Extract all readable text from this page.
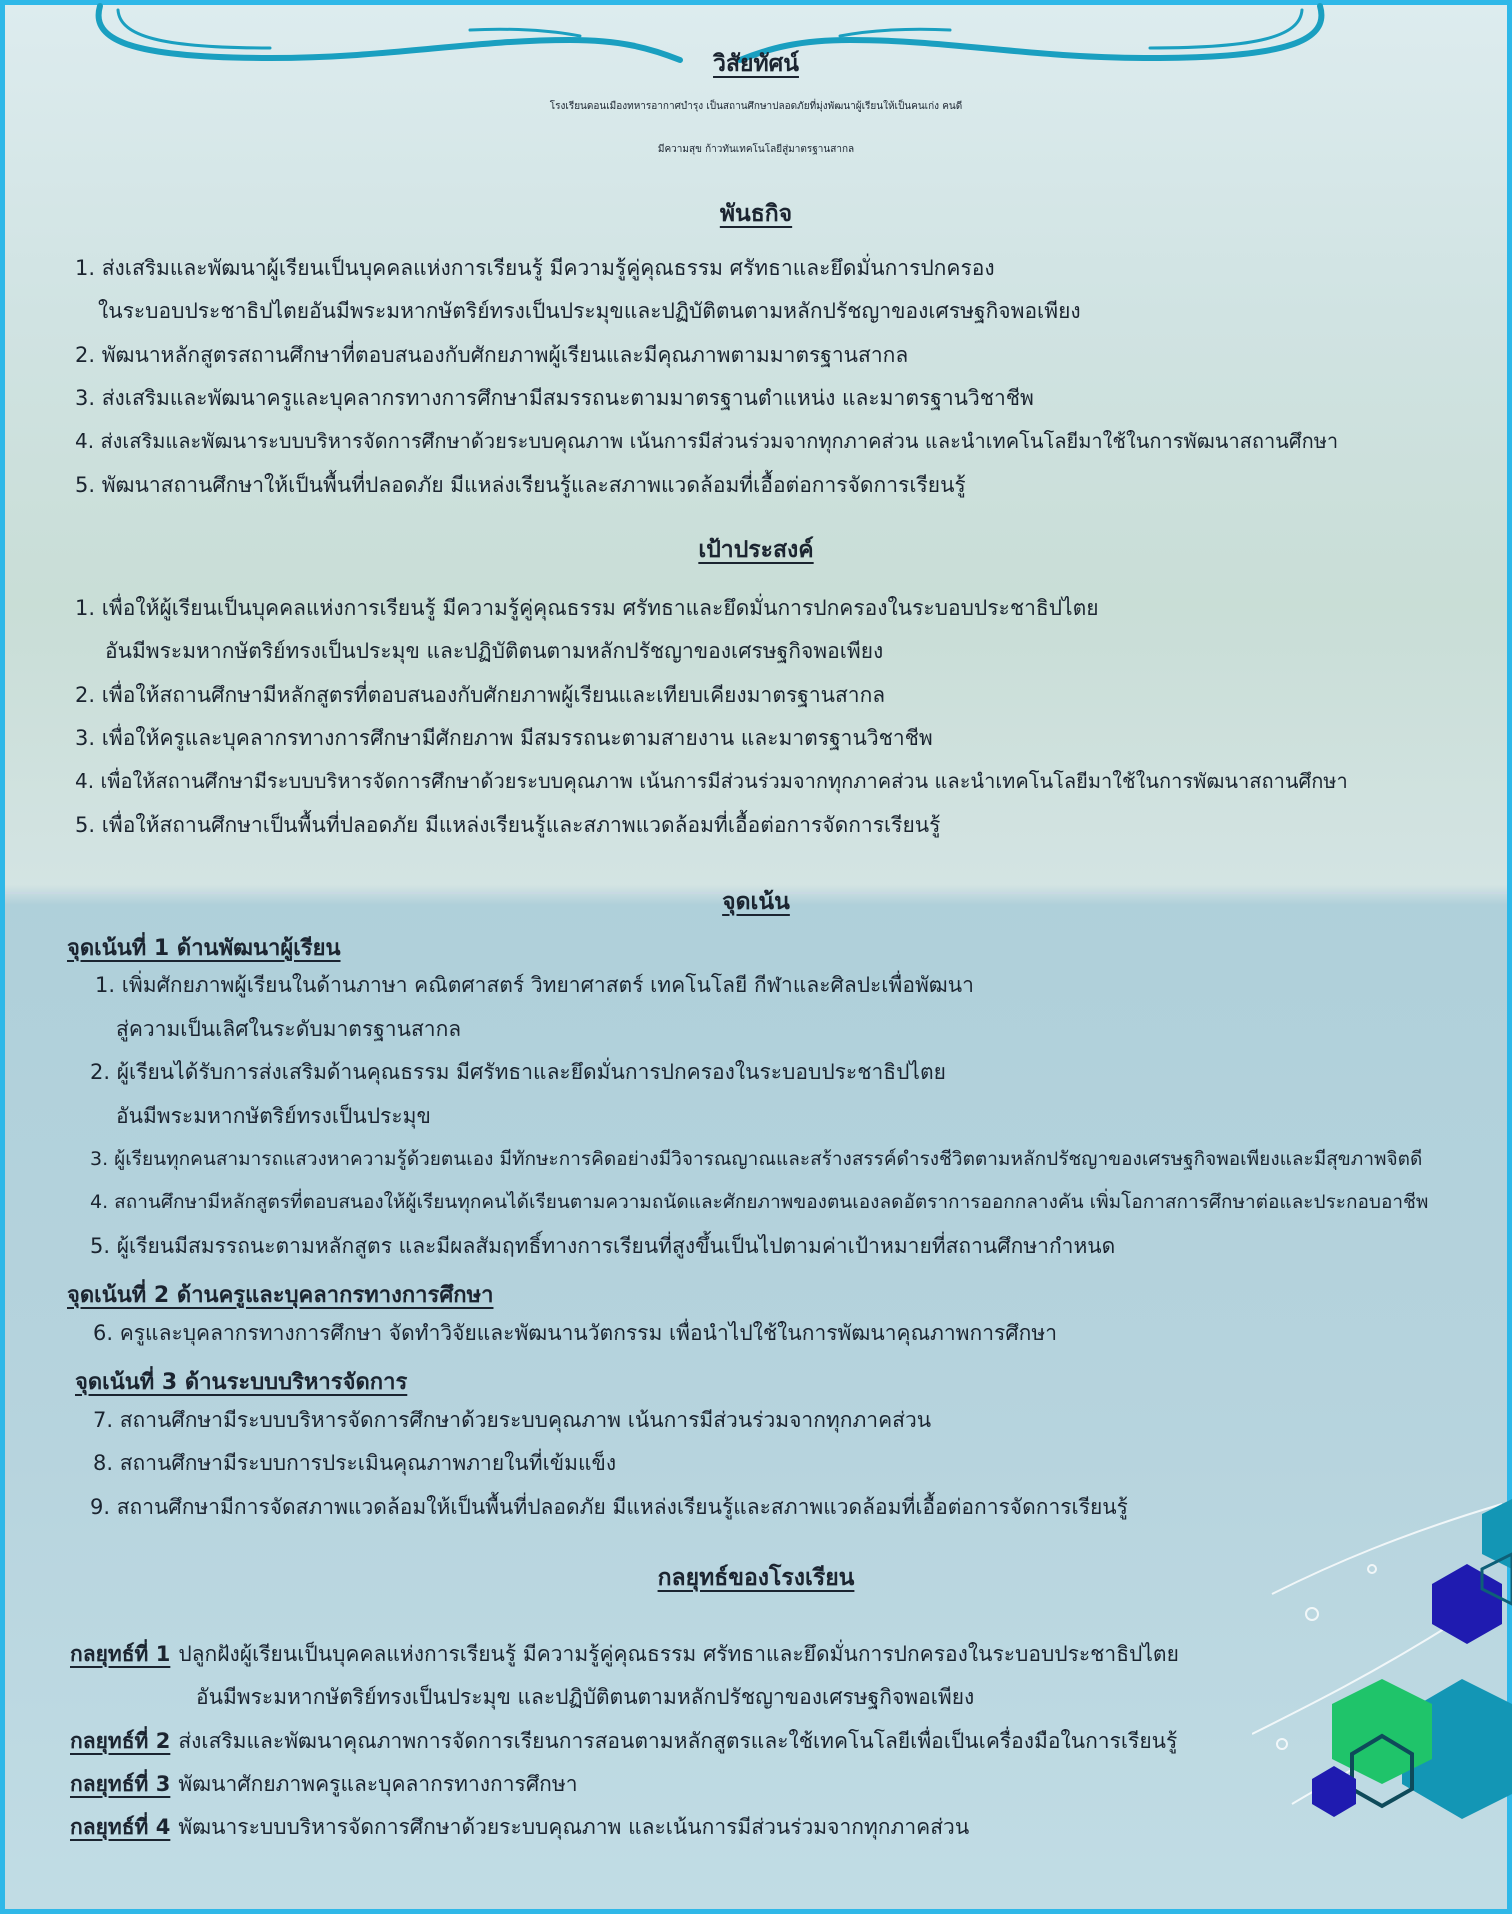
วิสัยทัศน์
โรงเรียนดอนเมืองทหารอากาศบำรุง เป็นสถานศึกษาปลอดภัยที่มุ่งพัฒนาผู้เรียนให้เป็นคนเก่ง คนดี
มีความสุข ก้าวทันเทคโนโลยีสู่มาตรฐานสากล
พันธกิจ
1. ส่งเสริมและพัฒนาผู้เรียนเป็นบุคคลแห่งการเรียนรู้ มีความรู้คู่คุณธรรม ศรัทธาและยึดมั่นการปกครอง
ในระบอบประชาธิปไตยอันมีพระมหากษัตริย์ทรงเป็นประมุขและปฏิบัติตนตามหลักปรัชญาของเศรษฐกิจพอเพียง
2. พัฒนาหลักสูตรสถานศึกษาที่ตอบสนองกับศักยภาพผู้เรียนและมีคุณภาพตามมาตรฐานสากล
3. ส่งเสริมและพัฒนาครูและบุคลากรทางการศึกษามีสมรรถนะตามมาตรฐานตำแหน่ง และมาตรฐานวิชาชีพ
4. ส่งเสริมและพัฒนาระบบบริหารจัดการศึกษาด้วยระบบคุณภาพ เน้นการมีส่วนร่วมจากทุกภาคส่วน และนำเทคโนโลยีมาใช้ในการพัฒนาสถานศึกษา
5. พัฒนาสถานศึกษาให้เป็นพื้นที่ปลอดภัย มีแหล่งเรียนรู้และสภาพแวดล้อมที่เอื้อต่อการจัดการเรียนรู้
เป้าประสงค์
1. เพื่อให้ผู้เรียนเป็นบุคคลแห่งการเรียนรู้ มีความรู้คู่คุณธรรม ศรัทธาและยึดมั่นการปกครองในระบอบประชาธิปไตย
อันมีพระมหากษัตริย์ทรงเป็นประมุข และปฏิบัติตนตามหลักปรัชญาของเศรษฐกิจพอเพียง
2. เพื่อให้สถานศึกษามีหลักสูตรที่ตอบสนองกับศักยภาพผู้เรียนและเทียบเคียงมาตรฐานสากล
3. เพื่อให้ครูและบุคลากรทางการศึกษามีศักยภาพ มีสมรรถนะตามสายงาน และมาตรฐานวิชาชีพ
4. เพื่อให้สถานศึกษามีระบบบริหารจัดการศึกษาด้วยระบบคุณภาพ เน้นการมีส่วนร่วมจากทุกภาคส่วน และนำเทคโนโลยีมาใช้ในการพัฒนาสถานศึกษา
5. เพื่อให้สถานศึกษาเป็นพื้นที่ปลอดภัย มีแหล่งเรียนรู้และสภาพแวดล้อมที่เอื้อต่อการจัดการเรียนรู้
จุดเน้น
จุดเน้นที่ 1 ด้านพัฒนาผู้เรียน
1. เพิ่มศักยภาพผู้เรียนในด้านภาษา คณิตศาสตร์ วิทยาศาสตร์ เทคโนโลยี กีฬาและศิลปะเพื่อพัฒนา
สู่ความเป็นเลิศในระดับมาตรฐานสากล
2. ผู้เรียนได้รับการส่งเสริมด้านคุณธรรม มีศรัทธาและยึดมั่นการปกครองในระบอบประชาธิปไตย
อันมีพระมหากษัตริย์ทรงเป็นประมุข
3. ผู้เรียนทุกคนสามารถแสวงหาความรู้ด้วยตนเอง มีทักษะการคิดอย่างมีวิจารณญาณและสร้างสรรค์ดำรงชีวิตตามหลักปรัชญาของเศรษฐกิจพอเพียงและมีสุขภาพจิตดี
4. สถานศึกษามีหลักสูตรที่ตอบสนองให้ผู้เรียนทุกคนได้เรียนตามความถนัดและศักยภาพของตนเองลดอัตราการออกกลางคัน เพิ่มโอกาสการศึกษาต่อและประกอบอาชีพ
5. ผู้เรียนมีสมรรถนะตามหลักสูตร และมีผลสัมฤทธิ์ทางการเรียนที่สูงขึ้นเป็นไปตามค่าเป้าหมายที่สถานศึกษากำหนด
จุดเน้นที่ 2 ด้านครูและบุคลากรทางการศึกษา
6. ครูและบุคลากรทางการศึกษา จัดทำวิจัยและพัฒนานวัตกรรม เพื่อนำไปใช้ในการพัฒนาคุณภาพการศึกษา
จุดเน้นที่ 3 ด้านระบบบริหารจัดการ
7. สถานศึกษามีระบบบริหารจัดการศึกษาด้วยระบบคุณภาพ เน้นการมีส่วนร่วมจากทุกภาคส่วน
8. สถานศึกษามีระบบการประเมินคุณภาพภายในที่เข้มแข็ง
9. สถานศึกษามีการจัดสภาพแวดล้อมให้เป็นพื้นที่ปลอดภัย มีแหล่งเรียนรู้และสภาพแวดล้อมที่เอื้อต่อการจัดการเรียนรู้
กลยุทธ์ของโรงเรียน
กลยุทธ์ที่ 1 ปลูกฝังผู้เรียนเป็นบุคคลแห่งการเรียนรู้ มีความรู้คู่คุณธรรม ศรัทธาและยึดมั่นการปกครองในระบอบประชาธิปไตย
อันมีพระมหากษัตริย์ทรงเป็นประมุข และปฏิบัติตนตามหลักปรัชญาของเศรษฐกิจพอเพียง
กลยุทธ์ที่ 2 ส่งเสริมและพัฒนาคุณภาพการจัดการเรียนการสอนตามหลักสูตรและใช้เทคโนโลยีเพื่อเป็นเครื่องมือในการเรียนรู้
กลยุทธ์ที่ 3 พัฒนาศักยภาพครูและบุคลากรทางการศึกษา
กลยุทธ์ที่ 4 พัฒนาระบบบริหารจัดการศึกษาด้วยระบบคุณภาพ และเน้นการมีส่วนร่วมจากทุกภาคส่วน
